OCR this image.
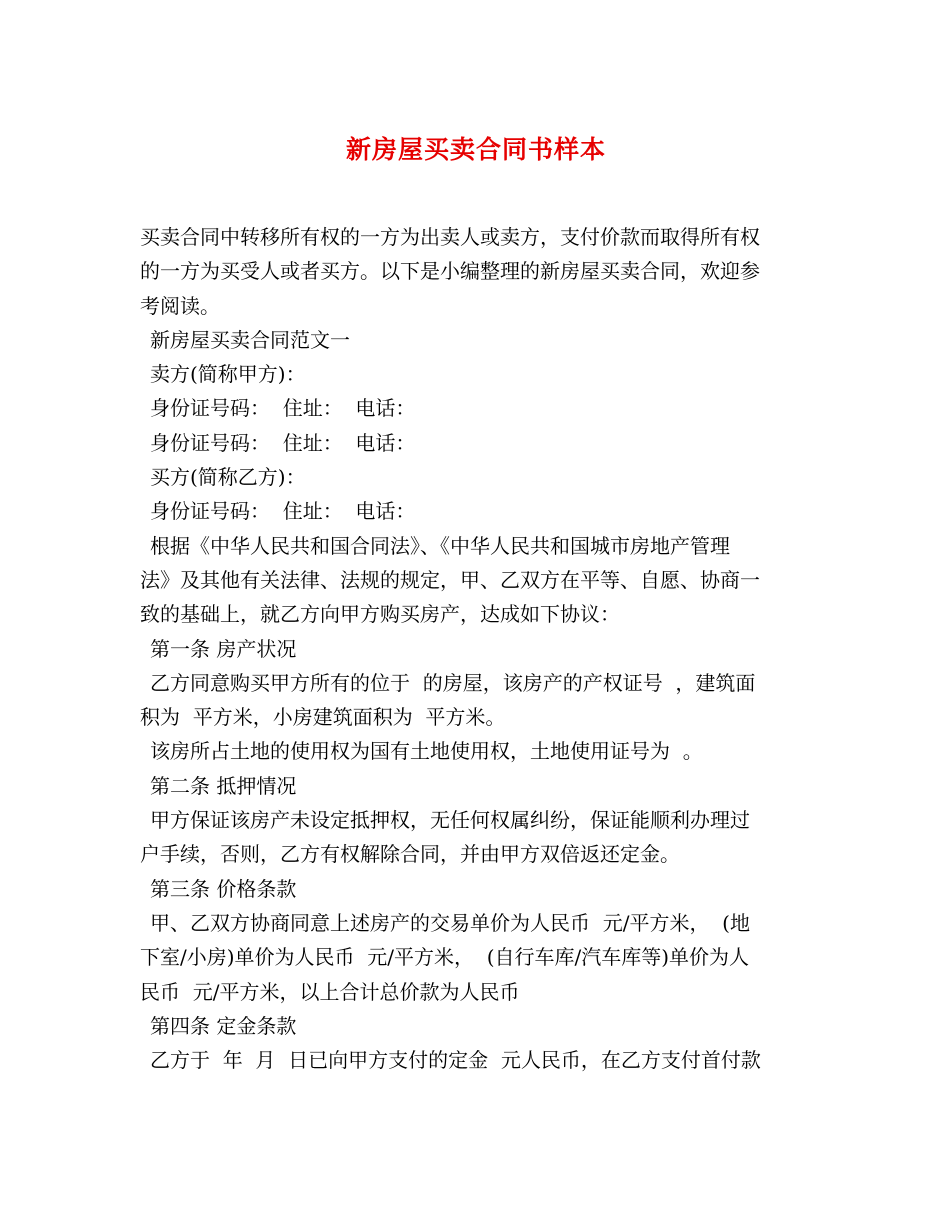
新房屋买卖合同书样本
买卖合同中转移所有权的一方为出卖人或卖方，支付价款而取得所有权
的一方为买受人或者买方。以下是小编整理的新房屋买卖合同，欢迎参
考阅读。
新房屋买卖合同范文一
卖方(简称甲方)：
身份证号码：  住址：  电话：
身份证号码：  住址：  电话：
买方(简称乙方)：
身份证号码：  住址：  电话：
根据《中华人民共和国合同法》、《中华人民共和国城市房地产管理
法》及其他有关法律、法规的规定，甲、乙双方在平等、自愿、协商一
致的基础上，就乙方向甲方购买房产，达成如下协议：
第一条 房产状况
乙方同意购买甲方所有的位于  的房屋，该房产的产权证号  ，建筑面
积为  平方米，小房建筑面积为  平方米。
该房所占土地的使用权为国有土地使用权，土地使用证号为  。
第二条 抵押情况
甲方保证该房产未设定抵押权，无任何权属纠纷，保证能顺利办理过
户手续，否则，乙方有权解除合同，并由甲方双倍返还定金。
第三条 价格条款
甲、乙双方协商同意上述房产的交易单价为人民币  元/平方米，  (地
下室/小房)单价为人民币  元/平方米，  (自行车库/汽车库等)单价为人
民币  元/平方米，以上合计总价款为人民币
第四条 定金条款
乙方于  年  月  日已向甲方支付的定金  元人民币，在乙方支付首付款
